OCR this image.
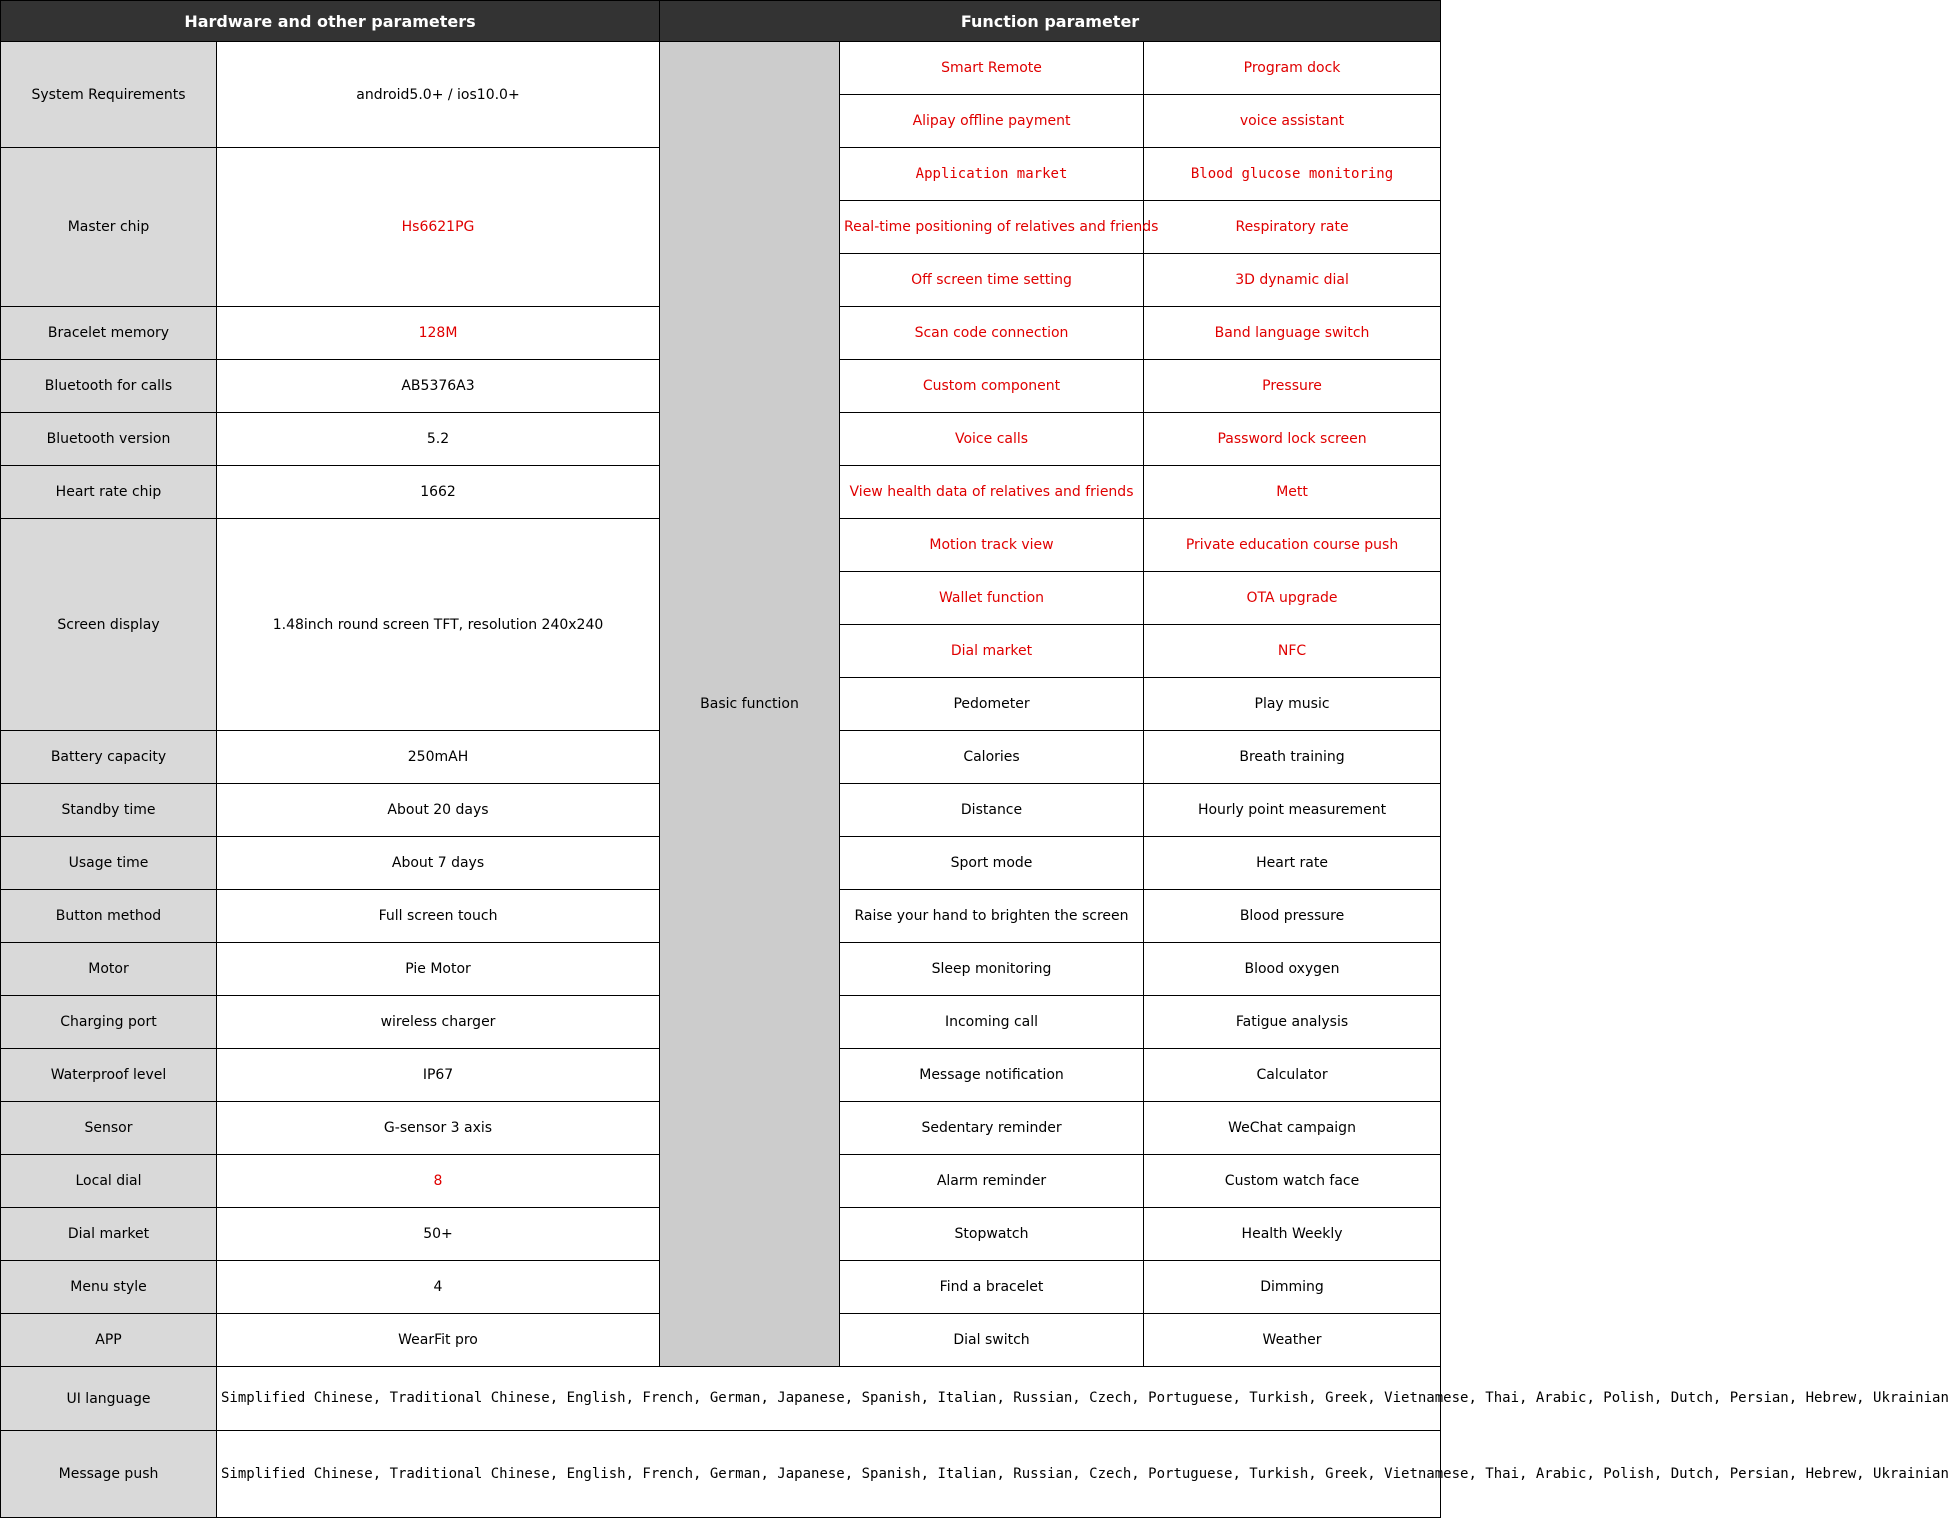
Hardware and other parameters		Function parameter		
System Requirements	android5.0+ / ios10.0+	Basic function	Smart Remote	Program dock
			Alipay offline payment	voice assistant
Master chip	Hs6621PG		Application market	Blood glucose monitoring
			Real-time positioning of relatives and friends	Respiratory rate
			Off screen time setting	3D dynamic dial
Bracelet memory	128M		Scan code connection	Band language switch
Bluetooth for calls	AB5376A3		Custom component	Pressure
Bluetooth version	5.2		Voice calls	Password lock screen
Heart rate chip	1662		View health data of relatives and friends	Mett
Screen display	1.48inch round screen TFT, resolution 240x240		Motion track view	Private education course push
			Wallet function	OTA upgrade
			Dial market	NFC
			Pedometer	Play music
Battery capacity	250mAH		Calories	Breath training
Standby time	About 20 days		Distance	Hourly point measurement
Usage time	About 7 days		Sport mode	Heart rate
Button method	Full screen touch		Raise your hand to brighten the screen	Blood pressure
Motor	Pie Motor		Sleep monitoring	Blood oxygen
Charging port	wireless charger		Incoming call	Fatigue analysis
Waterproof level	IP67		Message notification	Calculator
Sensor	G-sensor 3 axis		Sedentary reminder	WeChat campaign
Local dial	8		Alarm reminder	Custom watch face
Dial market	50+		Stopwatch	Health Weekly
Menu style	4		Find a bracelet	Dimming
APP	WearFit pro		Dial switch	Weather
UI language	Simplified Chinese, Traditional Chinese, English, French, German, Japanese, Spanish, Italian, Russian, Czech, Portuguese, Turkish, Greek, Vietnamese, Thai, Arabic, Polish, Dutch, Persian, Hebrew, Ukrainian			
Message push	Simplified Chinese, Traditional Chinese, English, French, German, Japanese, Spanish, Italian, Russian, Czech, Portuguese, Turkish, Greek, Vietnamese, Thai, Arabic, Polish, Dutch, Persian, Hebrew, Ukrainian			
